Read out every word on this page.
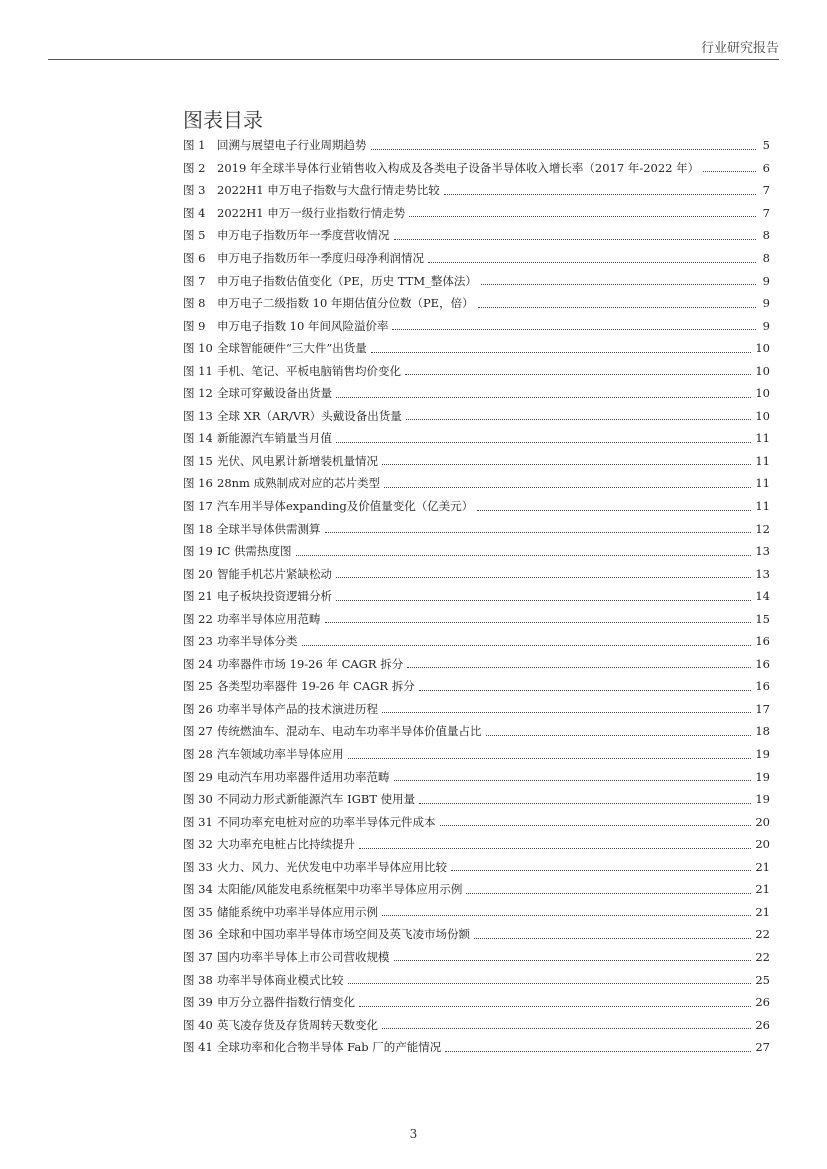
行业研究报告
图表目录
图 1	回溯与展望电子行业周期趋势	5
图 2	2019 年全球半导体行业销售收入构成及各类电子设备半导体收入增长率（2017 年-2022 年）	6
图 3	2022H1 申万电子指数与大盘行情走势比较	7
图 4	2022H1 申万一级行业指数行情走势	7
图 5	申万电子指数历年一季度营收情况	8
图 6	申万电子指数历年一季度归母净利润情况	8
图 7	申万电子指数估值变化（PE，历史 TTM_整体法）	9
图 8	申万电子二级指数 10 年期估值分位数（PE，倍）	9
图 9	申万电子指数 10 年间风险溢价率	9
图 10 全球智能硬件“三大件”出货量	10
图 11 手机、笔记、平板电脑销售均价变化	10
图 12 全球可穿戴设备出货量	10
图 13 全球 XR（AR/VR）头戴设备出货量	10
图 14 新能源汽车销量当月值	11
图 15 光伏、风电累计新增装机量情况	11
图 16 28nm 成熟制成对应的芯片类型	11
图 17 汽车用半导体expanding及价值量变化（亿美元）	11
图 18 全球半导体供需测算	12
图 19 IC 供需热度图	13
图 20 智能手机芯片紧缺松动	13
图 21 电子板块投资逻辑分析	14
图 22 功率半导体应用范畴	15
图 23 功率半导体分类	16
图 24 功率器件市场 19-26 年 CAGR 拆分	16
图 25 各类型功率器件 19-26 年 CAGR 拆分	16
图 26 功率半导体产品的技术演进历程	17
图 27 传统燃油车、混动车、电动车功率半导体价值量占比	18
图 28 汽车领域功率半导体应用	19
图 29 电动汽车用功率器件适用功率范畴	19
图 30 不同动力形式新能源汽车 IGBT 使用量	19
图 31 不同功率充电桩对应的功率半导体元件成本	20
图 32 大功率充电桩占比持续提升	20
图 33 火力、风力、光伏发电中功率半导体应用比较	21
图 34 太阳能/风能发电系统框架中功率半导体应用示例	21
图 35 储能系统中功率半导体应用示例	21
图 36 全球和中国功率半导体市场空间及英飞凌市场份额	22
图 37 国内功率半导体上市公司营收规模	22
图 38 功率半导体商业模式比较	25
图 39 申万分立器件指数行情变化	26
图 40 英飞凌存货及存货周转天数变化	26
图 41 全球功率和化合物半导体 Fab 厂的产能情况	27
3
